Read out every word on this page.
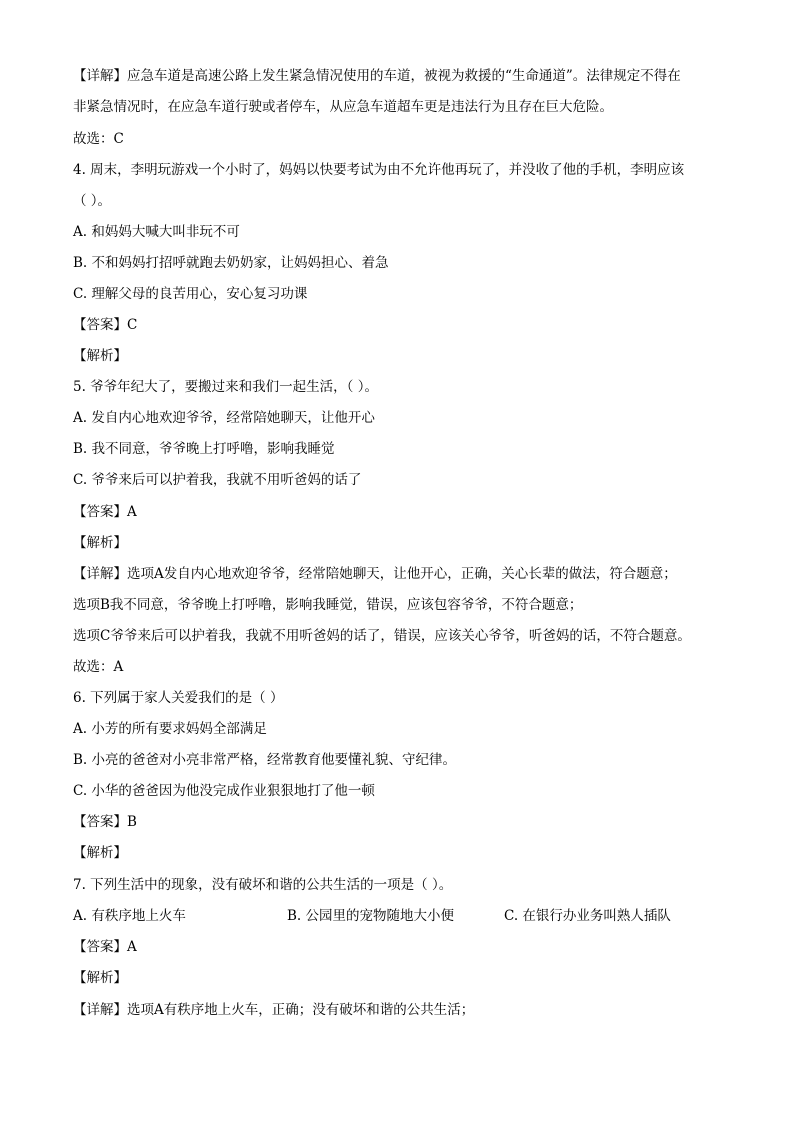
【详解】应急车道是高速公路上发生紧急情况使用的车道，被视为救援的“生命通道”。法律规定不得在
非紧急情况时，在应急车道行驶或者停车，从应急车道超车更是违法行为且存在巨大危险。
故选：C
4. 周末，李明玩游戏一个小时了，妈妈以快要考试为由不允许他再玩了，并没收了他的手机，李明应该
（ ）。
A. 和妈妈大喊大叫非玩不可
B. 不和妈妈打招呼就跑去奶奶家，让妈妈担心、着急
C. 理解父母的良苦用心，安心复习功课
【答案】C
【解析】
5. 爷爷年纪大了，要搬过来和我们一起生活，（ ）。
A. 发自内心地欢迎爷爷，经常陪她聊天，让他开心
B. 我不同意，爷爷晚上打呼噜，影响我睡觉
C. 爷爷来后可以护着我，我就不用听爸妈的话了
【答案】A
【解析】
【详解】选项A发自内心地欢迎爷爷，经常陪她聊天，让他开心，正确，关心长辈的做法，符合题意；
选项B我不同意，爷爷晚上打呼噜，影响我睡觉，错误，应该包容爷爷，不符合题意；
选项C爷爷来后可以护着我，我就不用听爸妈的话了，错误，应该关心爷爷，听爸妈的话，不符合题意。
故选：A
6. 下列属于家人关爱我们的是（ ）
A. 小芳的所有要求妈妈全部满足
B. 小亮的爸爸对小亮非常严格，经常教育他要懂礼貌、守纪律。
C. 小华的爸爸因为他没完成作业狠狠地打了他一顿
【答案】B
【解析】
7. 下列生活中的现象，没有破坏和谐的公共生活的一项是（ ）。
A. 有秩序地上火车	B. 公园里的宠物随地大小便	C. 在银行办业务叫熟人插队
【答案】A
【解析】
【详解】选项A有秩序地上火车，正确；没有破坏和谐的公共生活；
